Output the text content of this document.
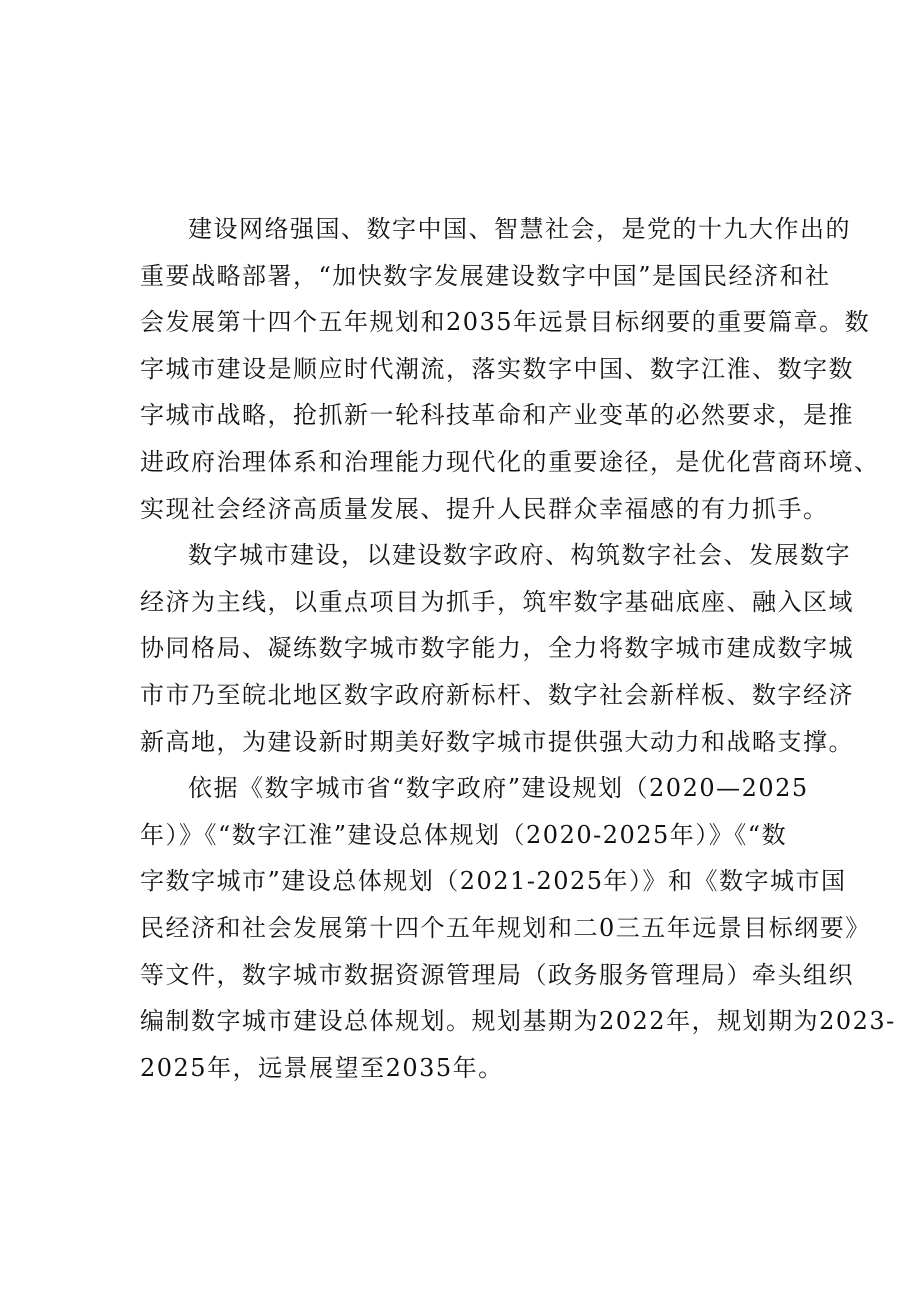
建设网络强国、数字中国、智慧社会，是党的十九大作出的
重要战略部署，“加快数字发展建设数字中国”是国民经济和社
会发展第十四个五年规划和2035年远景目标纲要的重要篇章。数
字城市建设是顺应时代潮流，落实数字中国、数字江淮、数字数
字城市战略，抢抓新一轮科技革命和产业变革的必然要求，是推
进政府治理体系和治理能力现代化的重要途径，是优化营商环境、
实现社会经济高质量发展、提升人民群众幸福感的有力抓手。
数字城市建设，以建设数字政府、构筑数字社会、发展数字
经济为主线，以重点项目为抓手，筑牢数字基础底座、融入区域
协同格局、凝练数字城市数字能力，全力将数字城市建成数字城
市市乃至皖北地区数字政府新标杆、数字社会新样板、数字经济
新高地，为建设新时期美好数字城市提供强大动力和战略支撑。
依据《数字城市省“数字政府”建设规划（2020—2025
年）》《“数字江淮”建设总体规划（2020-2025年）》《“数
字数字城市”建设总体规划（2021-2025年）》和《数字城市国
民经济和社会发展第十四个五年规划和二0三五年远景目标纲要》
等文件，数字城市数据资源管理局（政务服务管理局）牵头组织
编制数字城市建设总体规划。规划基期为2022年，规划期为2023-
2025年，远景展望至2035年。
